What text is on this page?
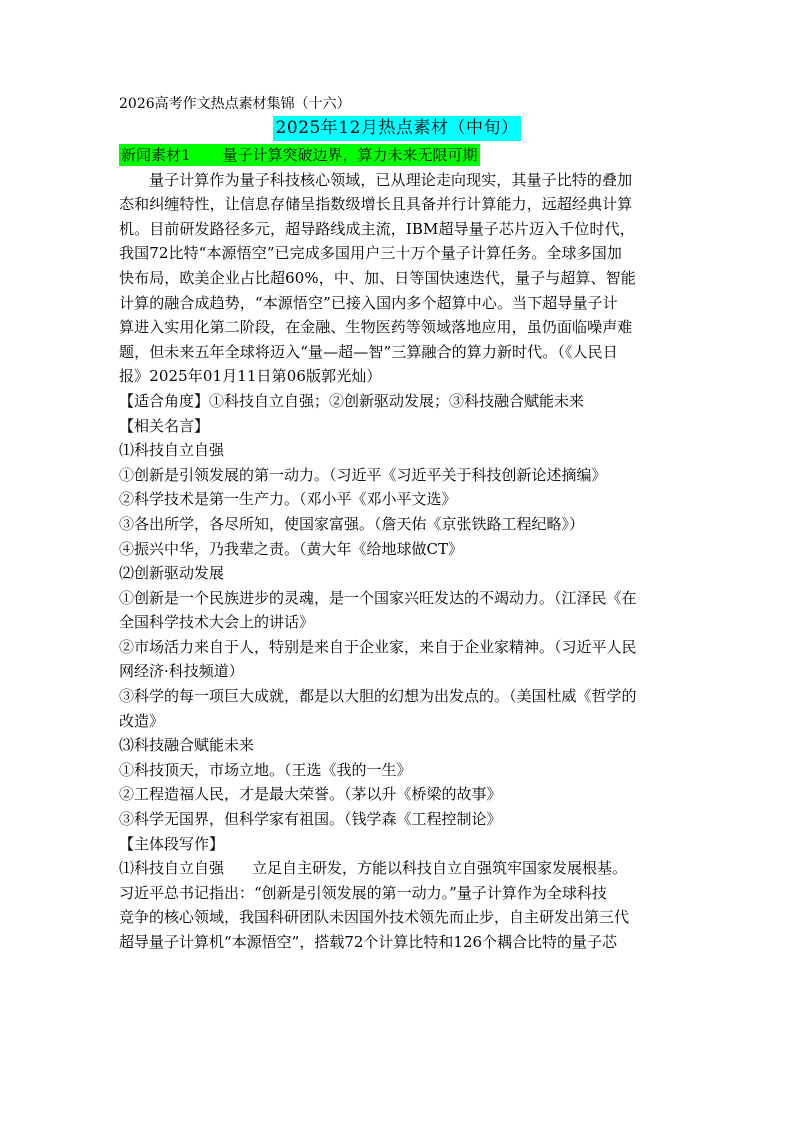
2026高考作文热点素材集锦（十六）
2025年12月热点素材（中旬）
新闻素材1 量子计算突破边界，算力未来无限可期
量子计算作为量子科技核心领域，已从理论走向现实，其量子比特的叠加
态和纠缠特性，让信息存储呈指数级增长且具备并行计算能力，远超经典计算
机。目前研发路径多元，超导路线成主流，IBM超导量子芯片迈入千位时代，
我国72比特“本源悟空”已完成多国用户三十万个量子计算任务。全球多国加
快布局，欧美企业占比超60%，中、加、日等国快速迭代，量子与超算、智能
计算的融合成趋势，“本源悟空”已接入国内多个超算中心。当下超导量子计
算进入实用化第二阶段，在金融、生物医药等领域落地应用，虽仍面临噪声难
题，但未来五年全球将迈入“量—超—智”三算融合的算力新时代。（《人民日
报》2025年01月11日第06版郭光灿）
【适合角度】①科技自立自强；②创新驱动发展；③科技融合赋能未来
【相关名言】
⑴科技自立自强
①创新是引领发展的第一动力。（习近平《习近平关于科技创新论述摘编》
②科学技术是第一生产力。（邓小平《邓小平文选》
③各出所学，各尽所知，使国家富强。（詹天佑《京张铁路工程纪略》）
④振兴中华，乃我辈之责。（黄大年《给地球做CT》
⑵创新驱动发展
①创新是一个民族进步的灵魂，是一个国家兴旺发达的不竭动力。（江泽民《在
全国科学技术大会上的讲话》
②市场活力来自于人，特别是来自于企业家，来自于企业家精神。（习近平人民
网经济·科技频道）
③科学的每一项巨大成就，都是以大胆的幻想为出发点的。（美国杜威《哲学的
改造》
⑶科技融合赋能未来
①科技顶天，市场立地。（王选《我的一生》
②工程造福人民，才是最大荣誉。（茅以升《桥梁的故事》
③科学无国界，但科学家有祖国。（钱学森《工程控制论》
【主体段写作】
⑴科技自立自强 立足自主研发，方能以科技自立自强筑牢国家发展根基。
习近平总书记指出：“创新是引领发展的第一动力。”量子计算作为全球科技
竞争的核心领域，我国科研团队未因国外技术领先而止步，自主研发出第三代
超导量子计算机“本源悟空”，搭载72个计算比特和126个耦合比特的量子芯
